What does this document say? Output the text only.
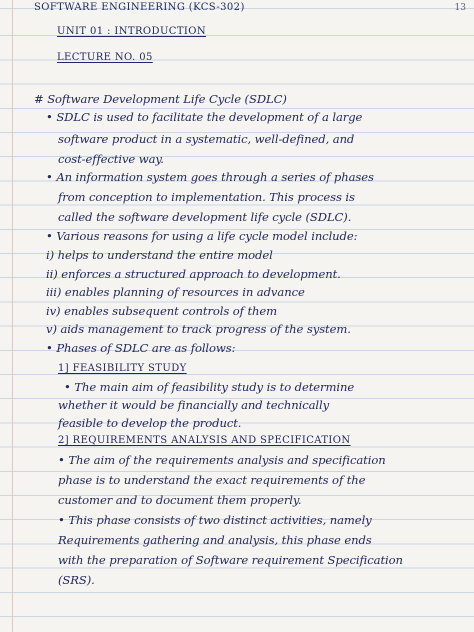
13
SOFTWARE ENGINEERING (KCS-302)
UNIT 01 : INTRODUCTION
LECTURE NO. 05
# Software Development Life Cycle (SDLC)
• SDLC is used to facilitate the development of a large
software product in a systematic, well-defined, and
cost-effective way.
• An information system goes through a series of phases
from conception to implementation. This process is
called the software development life cycle (SDLC).
• Various reasons for using a life cycle model include:
i) helps to understand the entire model
ii) enforces a structured approach to development.
iii) enables planning of resources in advance
iv) enables subsequent controls of them
v) aids management to track progress of the system.
• Phases of SDLC are as follows:
1] FEASIBILITY STUDY
• The main aim of feasibility study is to determine
whether it would be financially and technically
feasible to develop the product.
2] REQUIREMENTS ANALYSIS AND SPECIFICATION
• The aim of the requirements analysis and specification
phase is to understand the exact requirements of the
customer and to document them properly.
• This phase consists of two distinct activities, namely
Requirements gathering and analysis, this phase ends
with the preparation of Software requirement Specification
(SRS).
